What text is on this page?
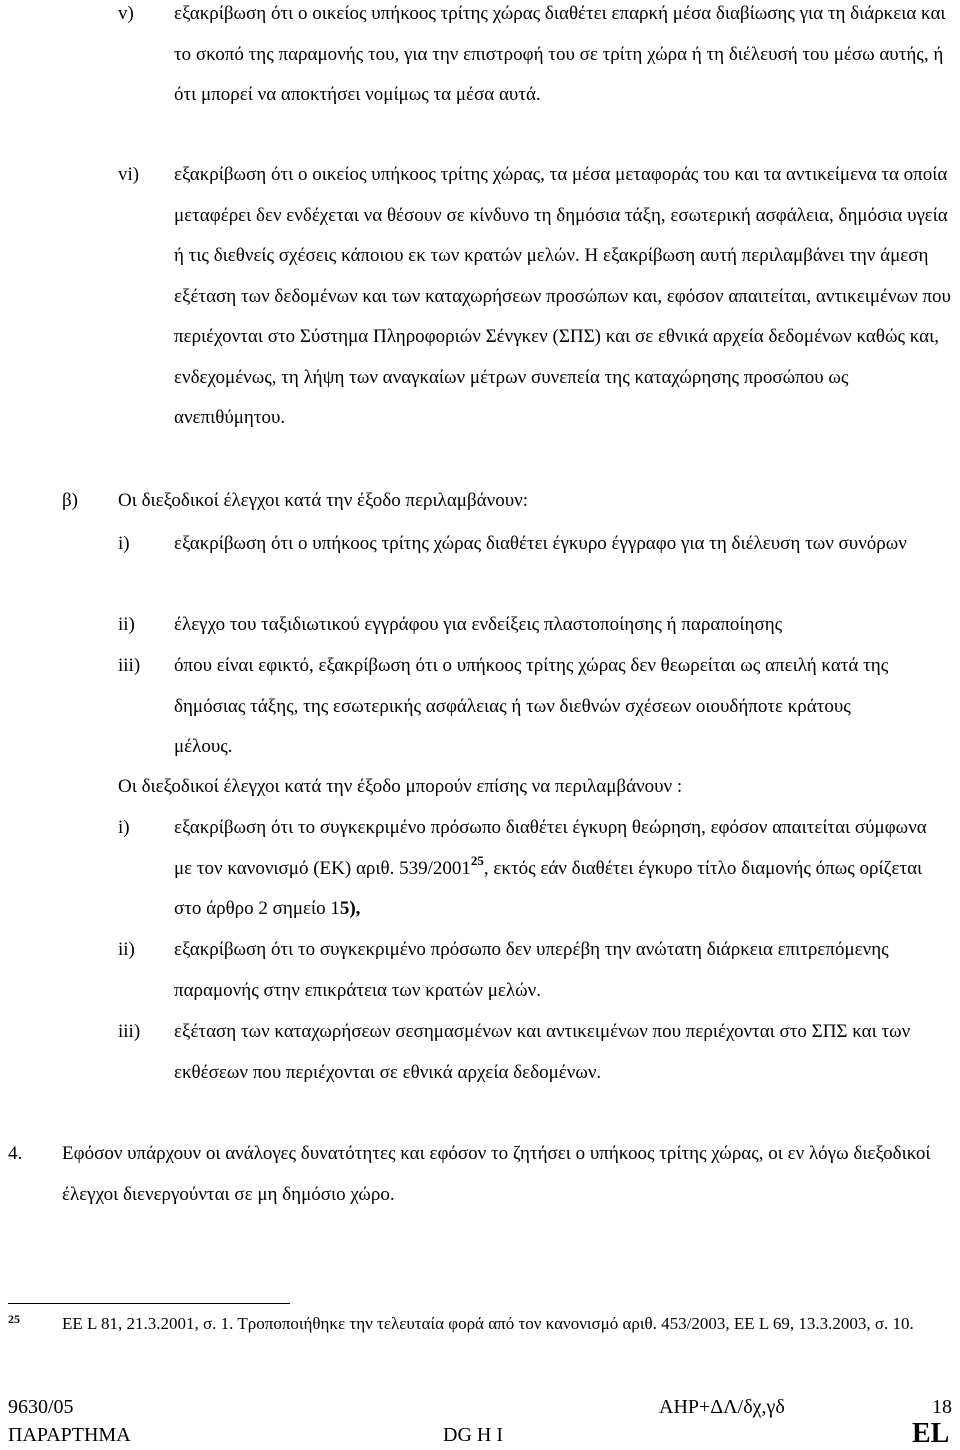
v) εξακρίβωση ότι ο οικείος υπήκοος τρίτης χώρας διαθέτει επαρκή μέσα διαβίωσης για τη διάρκεια και το σκοπό της παραμονής του, για την επιστροφή του σε τρίτη χώρα ή τη διέλευσή του μέσω αυτής, ή ότι μπορεί να αποκτήσει νομίμως τα μέσα αυτά.
vi) εξακρίβωση ότι ο οικείος υπήκοος τρίτης χώρας, τα μέσα μεταφοράς του και τα αντικείμενα τα οποία μεταφέρει δεν ενδέχεται να θέσουν σε κίνδυνο τη δημόσια τάξη, εσωτερική ασφάλεια, δημόσια υγεία ή τις διεθνείς σχέσεις κάποιου εκ των κρατών μελών. Η εξακρίβωση αυτή περιλαμβάνει την άμεση εξέταση των δεδομένων και των καταχωρήσεων προσώπων και, εφόσον απαιτείται, αντικειμένων που περιέχονται στο Σύστημα Πληροφοριών Σένγκεν (ΣΠΣ) και σε εθνικά αρχεία δεδομένων καθώς και, ενδεχομένως, τη λήψη των αναγκαίων μέτρων συνεπεία της καταχώρησης προσώπου ως ανεπιθύμητου.
β) Οι διεξοδικοί έλεγχοι κατά την έξοδο περιλαμβάνουν:
i) εξακρίβωση ότι ο υπήκοος τρίτης χώρας διαθέτει έγκυρο έγγραφο για τη διέλευση των συνόρων
ii) έλεγχο του ταξιδιωτικού εγγράφου για ενδείξεις πλαστοποίησης ή παραποίησης
iii) όπου είναι εφικτό, εξακρίβωση ότι ο υπήκοος τρίτης χώρας δεν θεωρείται ως απειλή κατά της δημόσιας τάξης, της εσωτερικής ασφάλειας ή των διεθνών σχέσεων οιουδήποτε κράτους μέλους.
Οι διεξοδικοί έλεγχοι κατά την έξοδο μπορούν επίσης να περιλαμβάνουν :
i) εξακρίβωση ότι το συγκεκριμένο πρόσωπο διαθέτει έγκυρη θεώρηση, εφόσον απαιτείται σύμφωνα με τον κανονισμό (ΕΚ) αριθ. 539/2001$^{25}$, εκτός εάν διαθέτει έγκυρο τίτλο διαμονής όπως ορίζεται στο άρθρο 2 σημείο 15),
ii) εξακρίβωση ότι το συγκεκριμένο πρόσωπο δεν υπερέβη την ανώτατη διάρκεια επιτρεπόμενης παραμονής στην επικράτεια των κρατών μελών.
iii) εξέταση των καταχωρήσεων σεσημασμένων και αντικειμένων που περιέχονται στο ΣΠΣ και των εκθέσεων που περιέχονται σε εθνικά αρχεία δεδομένων.
4. Εφόσον υπάρχουν οι ανάλογες δυνατότητες και εφόσον το ζητήσει ο υπήκοος τρίτης χώρας, οι εν λόγω διεξοδικοί έλεγχοι διενεργούνται σε μη δημόσιο χώρο.
25 ΕΕ L 81, 21.3.2001, σ. 1. Τροποποιήθηκε την τελευταία φορά από τον κανονισμό αριθ. 453/2003, ΕΕ L 69, 13.3.2003, σ. 10.
9630/05
ΠΑΡΑΡΤΗΜΑ
ΑΗΡ+ΔΛ/δχ,γδ
DG H I
18
EL
